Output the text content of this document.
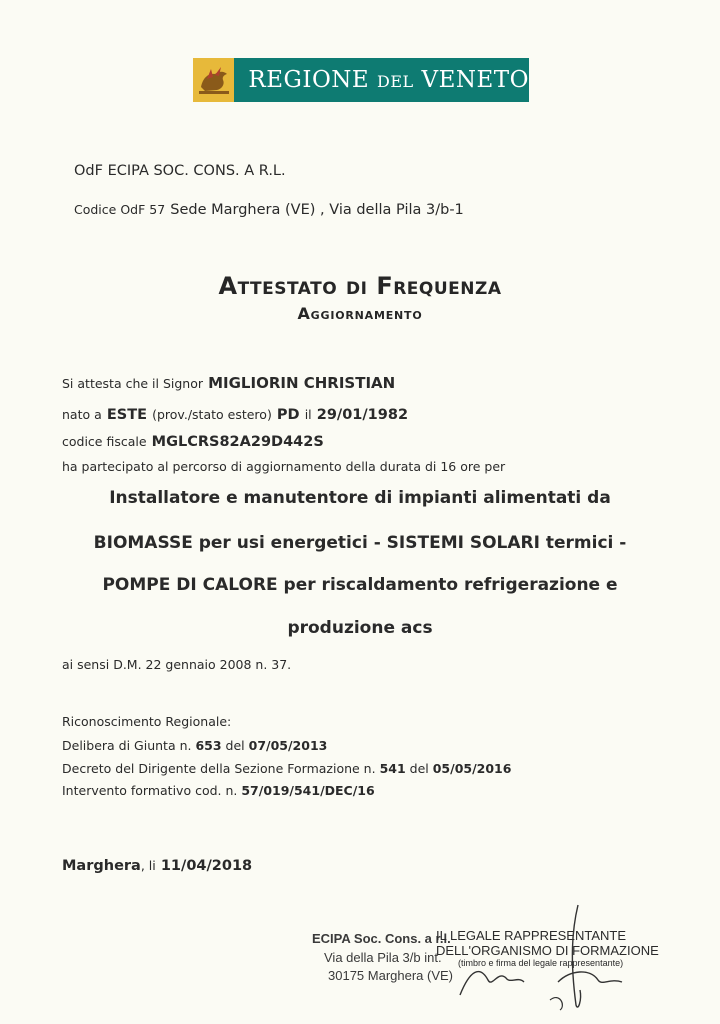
REGIONE DEL VENETO
OdF ECIPA SOC. CONS. A R.L.
Codice OdF 57 Sede Marghera (VE) , Via della Pila 3/b-1
Attestato di Frequenza
Aggiornamento
Si attesta che il Signor MIGLIORIN CHRISTIAN
nato a ESTE (prov./stato estero) PD il 29/01/1982
codice fiscale MGLCRS82A29D442S
ha partecipato al percorso di aggiornamento della durata di 16 ore per
Installatore e manutentore di impianti alimentati da
BIOMASSE per usi energetici - SISTEMI SOLARI termici -
POMPE DI CALORE per riscaldamento refrigerazione e
produzione acs
ai sensi D.M. 22 gennaio 2008 n. 37.
Riconoscimento Regionale:
Delibera di Giunta n. 653 del 07/05/2013
Decreto del Dirigente della Sezione Formazione n. 541 del 05/05/2016
Intervento formativo cod. n. 57/019/541/DEC/16
Marghera, li 11/04/2018
ECIPA Soc. Cons. a r.l.
Via della Pila 3/b int.
30175 Marghera (VE)
IL LEGALE RAPPRESENTANTE
DELL'ORGANISMO DI FORMAZIONE
(timbro e firma del legale rappresentante)
